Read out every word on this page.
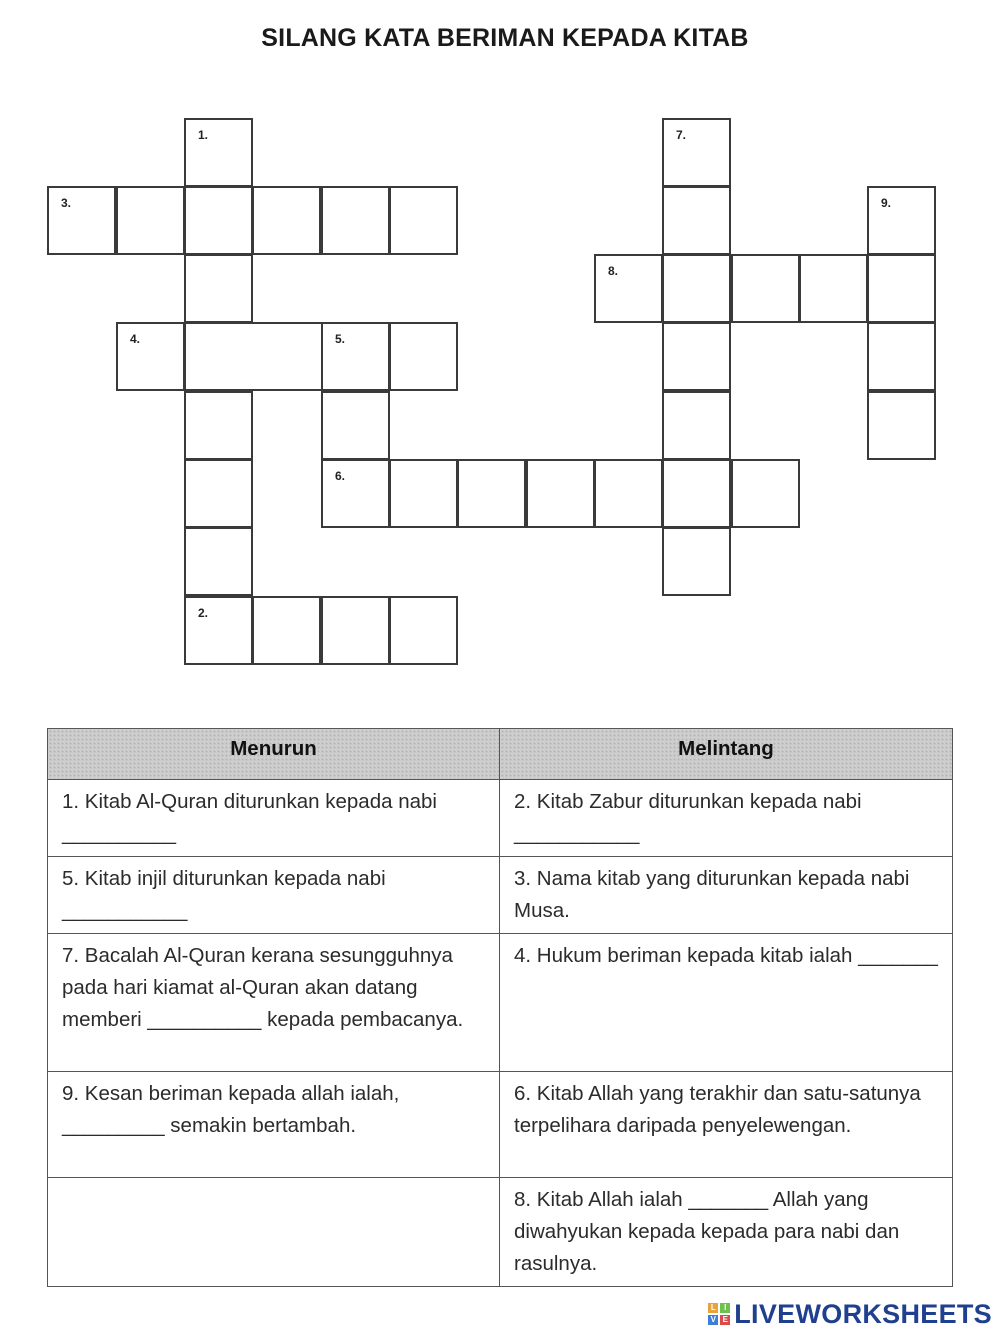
SILANG KATA BERIMAN KEPADA KITAB
3.
1.
2.
4.	5.
6.
7.
8.
9.
Menurun	Melintang
1. Kitab Al-Quran diturunkan kepada nabi __________	2. Kitab Zabur diturunkan kepada nabi ___________
5. Kitab injil diturunkan kepada nabi ___________	3. Nama kitab yang diturunkan kepada nabi Musa.
7. Bacalah Al-Quran kerana sesungguhnya pada hari kiamat al-Quran akan datang memberi __________ kepada pembacanya.	4. Hukum beriman kepada kitab ialah _______
9. Kesan beriman kepada allah ialah, _________ semakin bertambah.	6. Kitab Allah yang terakhir dan satu-satunya terpelihara daripada penyelewengan.
	8. Kitab Allah ialah _______ Allah yang diwahyukan kepada kepada para nabi dan rasulnya.
L	I
V E LIVEWORKSHEETS
